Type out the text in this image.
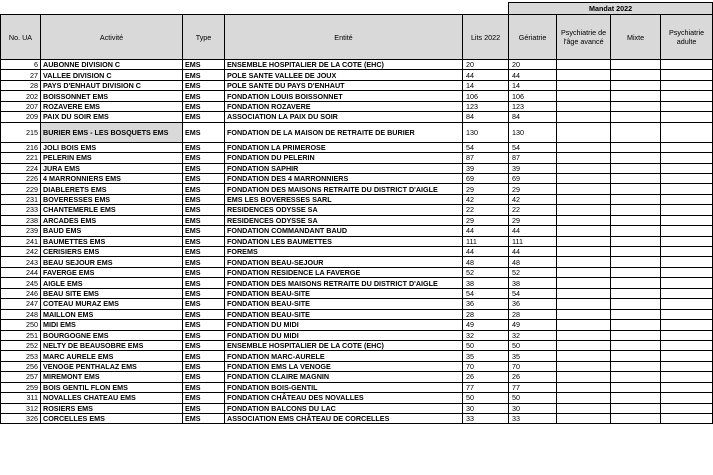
					Mandat 2022			
No. UA	Activité	Type	Entité	Lits 2022	Gériatrie	Psychiatrie de l'âge avancé	Mixte	Psychiatrie adulte
6	AUBONNE DIVISION C	EMS	ENSEMBLE HOSPITALIER DE LA COTE (EHC)	20	20			
27	VALLEE DIVISION C	EMS	POLE SANTE VALLEE DE JOUX	44	44			
28	PAYS D'ENHAUT DIVISION C	EMS	POLE SANTE DU PAYS D'ENHAUT	14	14			
202	BOISSONNET EMS	EMS	FONDATION LOUIS BOISSONNET	106	106			
207	ROZAVERE EMS	EMS	FONDATION ROZAVERE	123	123			
209	PAIX DU SOIR EMS	EMS	ASSOCIATION LA PAIX DU SOIR	84	84			
215	BURIER EMS - LES BOSQUETS EMS	EMS	FONDATION DE LA MAISON DE RETRAITE DE BURIER	130	130			
216	JOLI BOIS EMS	EMS	FONDATION LA PRIMEROSE	54	54			
221	PELERIN EMS	EMS	FONDATION DU PELERIN	87	87			
224	JURA EMS	EMS	FONDATION SAPHIR	39	39			
226	4 MARRONNIERS EMS	EMS	FONDATION DES 4 MARRONNIERS	69	69			
229	DIABLERETS EMS	EMS	FONDATION DES MAISONS RETRAITE DU DISTRICT D'AIGLE	29	29			
231	BOVERESSES EMS	EMS	EMS LES BOVERESSES SARL	42	42			
233	CHANTEMERLE EMS	EMS	RESIDENCES ODYSSE SA	22	22			
238	ARCADES EMS	EMS	RESIDENCES ODYSSE SA	29	29			
239	BAUD EMS	EMS	FONDATION COMMANDANT BAUD	44	44			
241	BAUMETTES EMS	EMS	FONDATION LES BAUMETTES	111	111			
242	CERISIERS EMS	EMS	FOREMS	44	44			
243	BEAU SEJOUR EMS	EMS	FONDATION BEAU-SEJOUR	48	48			
244	FAVERGE EMS	EMS	FONDATION RESIDENCE LA FAVERGE	52	52			
245	AIGLE EMS	EMS	FONDATION DES MAISONS RETRAITE DU DISTRICT D'AIGLE	38	38			
246	BEAU SITE EMS	EMS	FONDATION BEAU-SITE	54	54			
247	COTEAU MURAZ EMS	EMS	FONDATION BEAU-SITE	36	36			
248	MAILLON EMS	EMS	FONDATION BEAU-SITE	28	28			
250	MIDI EMS	EMS	FONDATION DU MIDI	49	49			
251	BOURGOGNE EMS	EMS	FONDATION DU MIDI	32	32			
252	NELTY DE BEAUSOBRE EMS	EMS	ENSEMBLE HOSPITALIER DE LA COTE (EHC)	50	50			
253	MARC AURELE EMS	EMS	FONDATION MARC-AURELE	35	35			
256	VENOGE PENTHALAZ EMS	EMS	FONDATION EMS LA VENOGE	70	70			
257	MIREMONT EMS	EMS	FONDATION CLAIRE MAGNIN	26	26			
259	BOIS GENTIL FLON EMS	EMS	FONDATION BOIS-GENTIL	77	77			
311	NOVALLES CHATEAU EMS	EMS	FONDATION CHÂTEAU DES NOVALLES	50	50			
312	ROSIERS EMS	EMS	FONDATION BALCONS DU LAC	30	30			
326	CORCELLES EMS	EMS	ASSOCIATION EMS CHÂTEAU DE CORCELLES	33	33			
